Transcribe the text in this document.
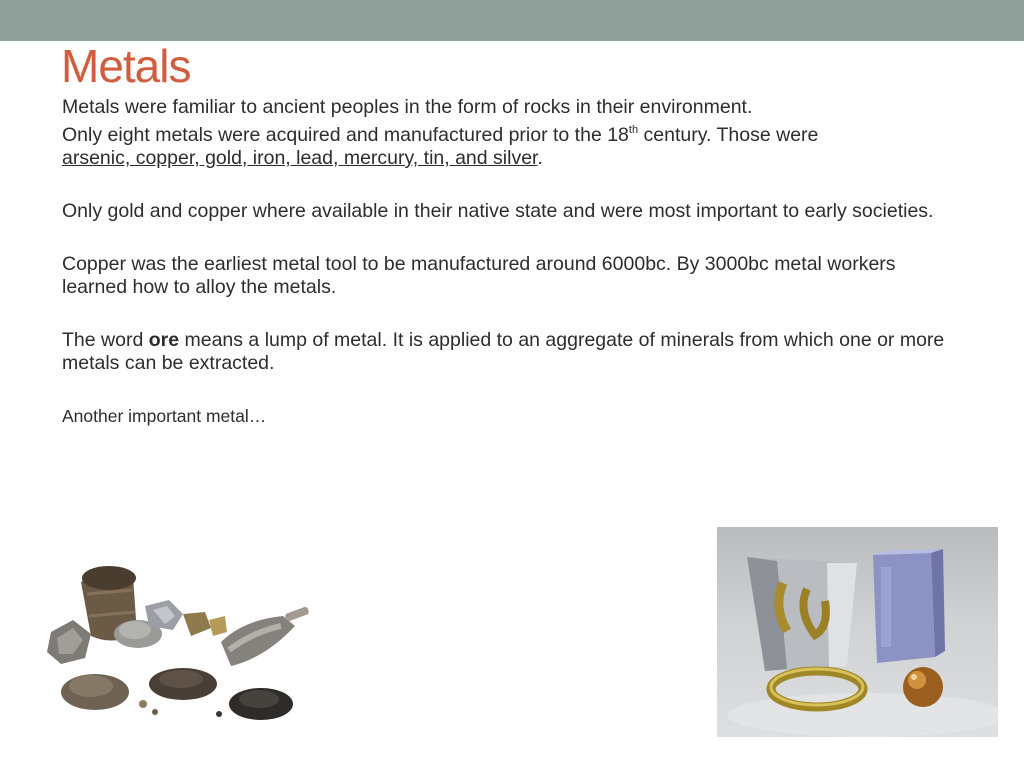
Metals

Metals were familiar to ancient peoples in the form of rocks in their environment.

Only eight metals were acquired and manufactured prior to the 18th century. Those were
arsenic, copper, gold, iron, lead, mercury, tin, and silver.

Only gold and copper where available in their native state and were most important to early societies.

Copper was the earliest metal tool to be manufactured around 6000bc. By 3000bc metal workers learned how to alloy the metals.

The word ore means a lump of metal. It is applied to an aggregate of minerals from which one or more metals can be extracted.

Another important metal…
